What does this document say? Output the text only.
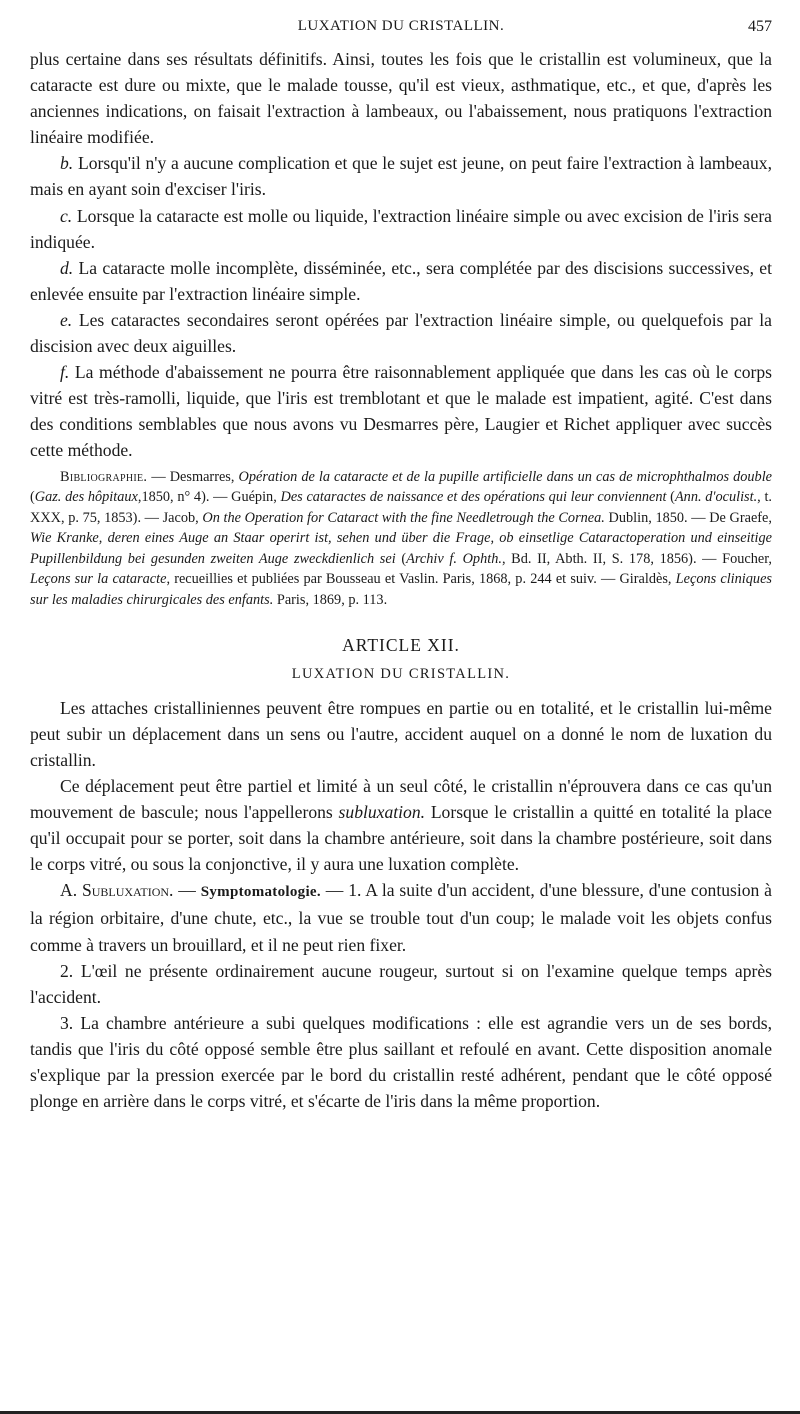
LUXATION DU CRISTALLIN.	457

plus certaine dans ses résultats définitifs. Ainsi, toutes les fois que le cristallin est volumineux, que la cataracte est dure ou mixte, que le malade tousse, qu'il est vieux, asthmatique, etc., et que, d'après les anciennes indications, on faisait l'extraction à lambeaux, ou l'abaissement, nous pratiquons l'extraction linéaire modifiée.

b. Lorsqu'il n'y a aucune complication et que le sujet est jeune, on peut faire l'extraction à lambeaux, mais en ayant soin d'exciser l'iris.

c. Lorsque la cataracte est molle ou liquide, l'extraction linéaire simple ou avec excision de l'iris sera indiquée.

d. La cataracte molle incomplète, disséminée, etc., sera complétée par des discisions successives, et enlevée ensuite par l'extraction linéaire simple.

e. Les cataractes secondaires seront opérées par l'extraction linéaire simple, ou quelquefois par la discision avec deux aiguilles.

f. La méthode d'abaissement ne pourra être raisonnablement appliquée que dans les cas où le corps vitré est très-ramolli, liquide, que l'iris est tremblotant et que le malade est impatient, agité. C'est dans des conditions semblables que nous avons vu Desmarres père, Laugier et Richet appliquer avec succès cette méthode.

Bibliographie. — Desmarres, Opération de la cataracte et de la pupille artificielle dans un cas de microphthalmos double (Gaz. des hôpitaux,1850, n° 4). — Guépin, Des cataractes de naissance et des opérations qui leur conviennent (Ann. d'oculist., t. XXX, p. 75, 1853). — Jacob, On the Operation for Cataract with the fine Needletrough the Cornea. Dublin, 1850. — De Graefe, Wie Kranke, deren eines Auge an Staar operirt ist, sehen und über die Frage, ob einsetlige Cataractoperation und einseitige Pupillenbildung bei gesunden zweiten Auge zweckdienlich sei (Archiv f. Ophth., Bd. II, Abth. II, S. 178, 1856). — Foucher, Leçons sur la cataracte, recueillies et publiées par Bousseau et Vaslin. Paris, 1868, p. 244 et suiv. — Giraldès, Leçons cliniques sur les maladies chirurgicales des enfants. Paris, 1869, p. 113.

ARTICLE XII.
LUXATION DU CRISTALLIN.

Les attaches cristalliniennes peuvent être rompues en partie ou en totalité, et le cristallin lui-même peut subir un déplacement dans un sens ou l'autre, accident auquel on a donné le nom de luxation du cristallin.

Ce déplacement peut être partiel et limité à un seul côté, le cristallin n'éprouvera dans ce cas qu'un mouvement de bascule; nous l'appellerons subluxation. Lorsque le cristallin a quitté en totalité la place qu'il occupait pour se porter, soit dans la chambre antérieure, soit dans la chambre postérieure, soit dans le corps vitré, ou sous la conjonctive, il y aura une luxation complète.

A. Subluxation. — Symptomatologie. — 1. A la suite d'un accident, d'une blessure, d'une contusion à la région orbitaire, d'une chute, etc., la vue se trouble tout d'un coup; le malade voit les objets confus comme à travers un brouillard, et il ne peut rien fixer.

2. L'œil ne présente ordinairement aucune rougeur, surtout si on l'examine quelque temps après l'accident.

3. La chambre antérieure a subi quelques modifications : elle est agrandie vers un de ses bords, tandis que l'iris du côté opposé semble être plus saillant et refoulé en avant. Cette disposition anomale s'explique par la pression exercée par le bord du cristallin resté adhérent, pendant que le côté opposé plonge en arrière dans le corps vitré, et s'écarte de l'iris dans la même proportion.
